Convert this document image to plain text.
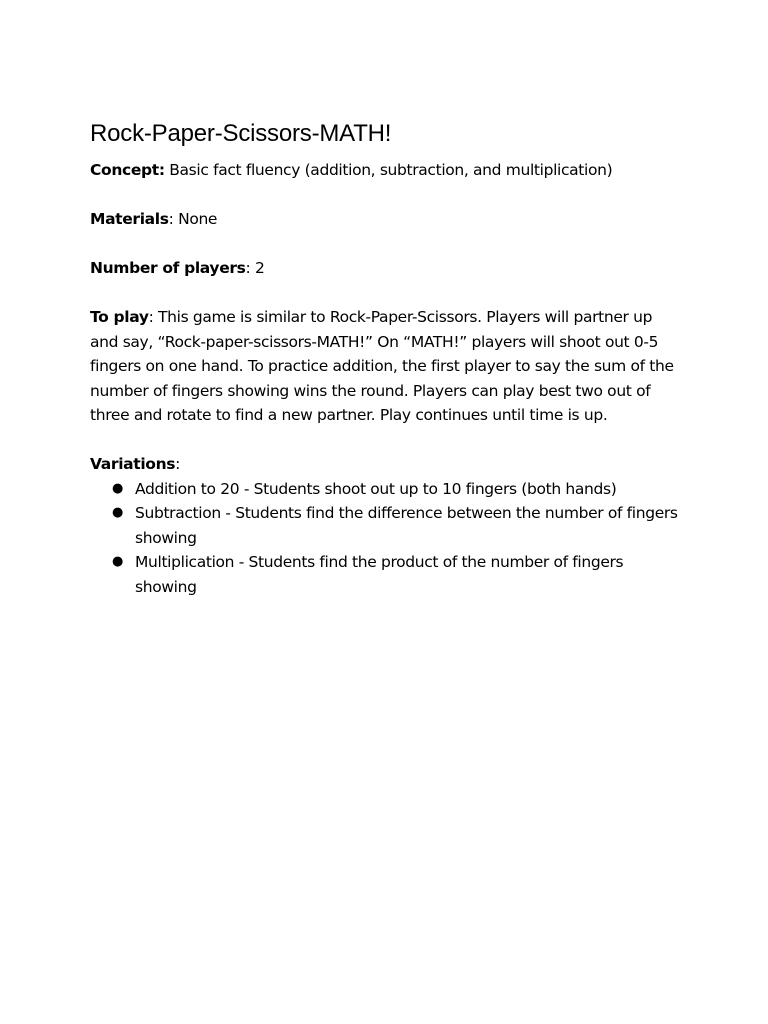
Rock-Paper-Scissors-MATH!

Concept: Basic fact fluency (addition, subtraction, and multiplication)

Materials: None

Number of players: 2

To play: This game is similar to Rock-Paper-Scissors. Players will partner up and say, “Rock-paper-scissors-MATH!” On “MATH!” players will shoot out 0-5 fingers on one hand. To practice addition, the first player to say the sum of the number of fingers showing wins the round. Players can play best two out of three and rotate to find a new partner. Play continues until time is up.

Variations:

● Addition to 20 - Students shoot out up to 10 fingers (both hands)
● Subtraction - Students find the difference between the number of fingers showing
● Multiplication - Students find the product of the number of fingers showing
